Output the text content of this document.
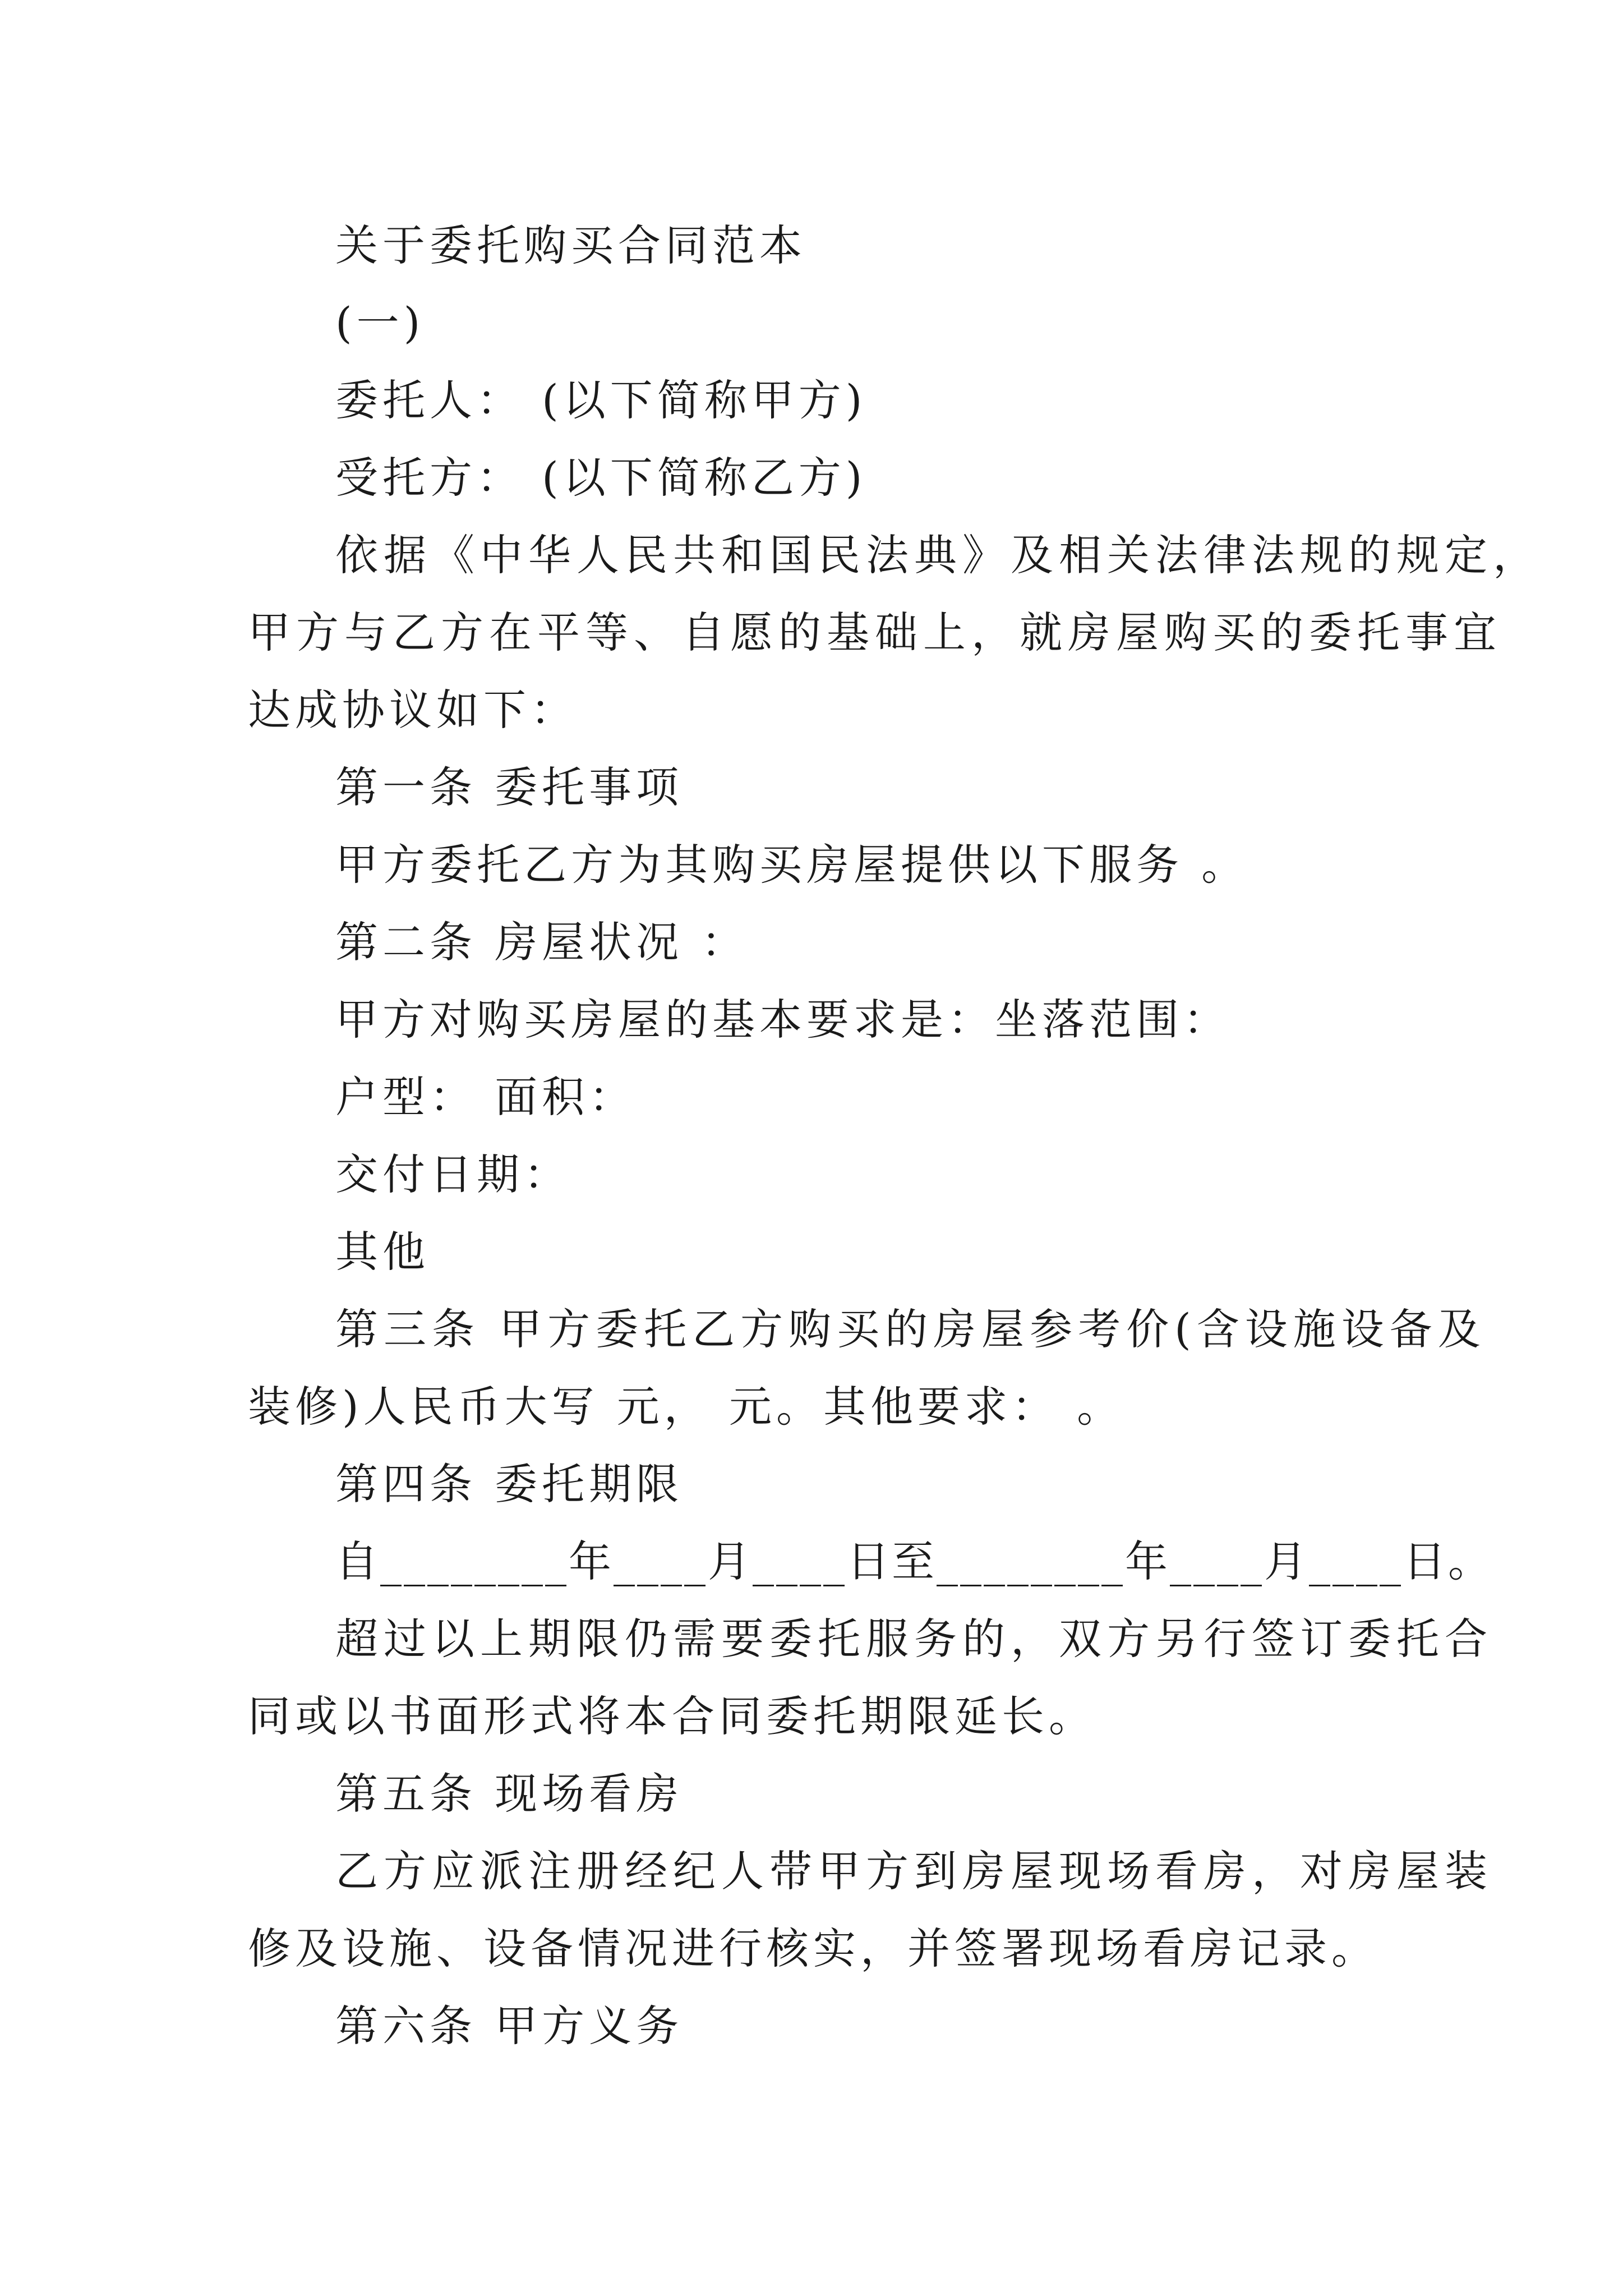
关于委托购买合同范本
(一)
委托人： (以下简称甲方)
受托方： (以下简称乙方)
依据《中华人民共和国民法典》及相关法律法规的规定，
甲方与乙方在平等、自愿的基础上，就房屋购买的委托事宜
达成协议如下：
第一条 委托事项
甲方委托乙方为其购买房屋提供以下服务 。
第二条 房屋状况 ：
甲方对购买房屋的基本要求是：坐落范围：
户型： 面积：
交付日期：
其他
第三条 甲方委托乙方购买的房屋参考价(含设施设备及
装修)人民币大写 元， 元。其他要求： 。
第四条 委托期限
自________年____月____日至________年____月____日。
超过以上期限仍需要委托服务的，双方另行签订委托合
同或以书面形式将本合同委托期限延长。
第五条 现场看房
乙方应派注册经纪人带甲方到房屋现场看房，对房屋装
修及设施、设备情况进行核实，并签署现场看房记录。
第六条 甲方义务
